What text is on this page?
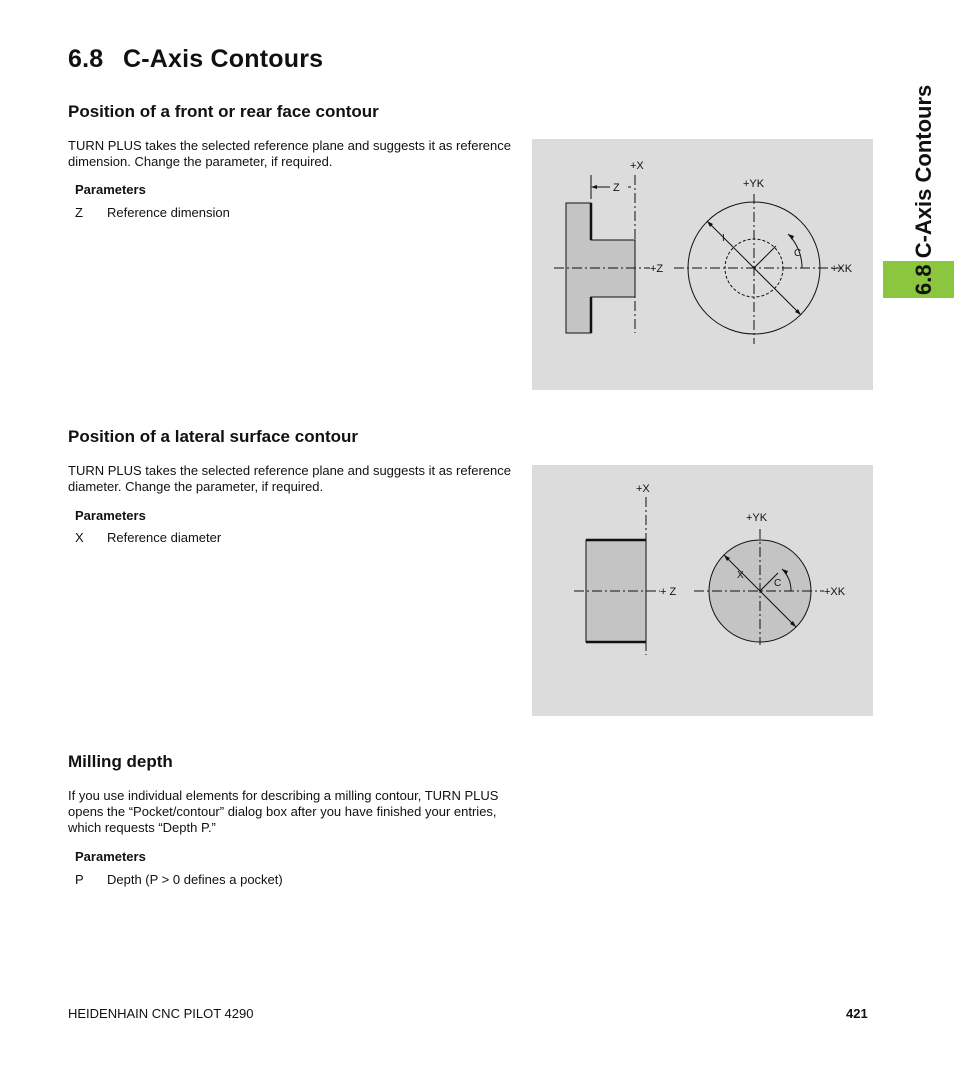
6.8 C-Axis Contours
Position of a front or rear face contour

TURN PLUS takes the selected reference plane and suggests it as reference dimension. Change the parameter, if required.

Parameters
Z Reference dimension
+X
Z
+Z
+YK
+XK
I
C
Position of a lateral surface contour

TURN PLUS takes the selected reference plane and suggests it as reference diameter. Change the parameter, if required.

Parameters
X Reference diameter
+X
+ Z
+YK
+XK
X
C
Milling depth

If you use individual elements for describing a milling contour, TURN PLUS opens the “Pocket/contour” dialog box after you have finished your entries, which requests “Depth P.”

Parameters
P Depth (P > 0 defines a pocket)
6.8 C-Axis Contours
HEIDENHAIN CNC PILOT 4290	421
